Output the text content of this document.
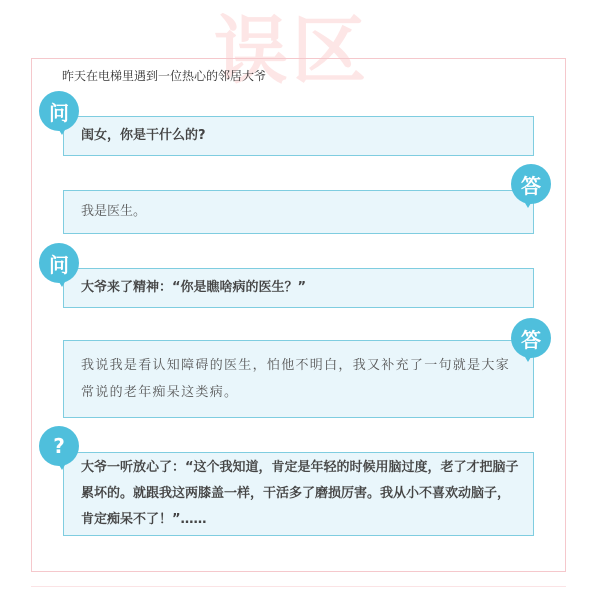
误区
昨天在电梯里遇到一位热心的邻居大爷
闺女，你是干什么的?
问
我是医生。
答
大爷来了精神：“你是瞧啥病的医生？”
问
我说我是看认知障碍的医生，怕他不明白，我又补充了一句就是大家常说的老年痴呆这类病。
答
大爷一听放心了：“这个我知道，肯定是年轻的时候用脑过度，老了才把脑子累坏的。就跟我这两膝盖一样，干活多了磨损厉害。我从小不喜欢动脑子，肯定痴呆不了！”……
?
